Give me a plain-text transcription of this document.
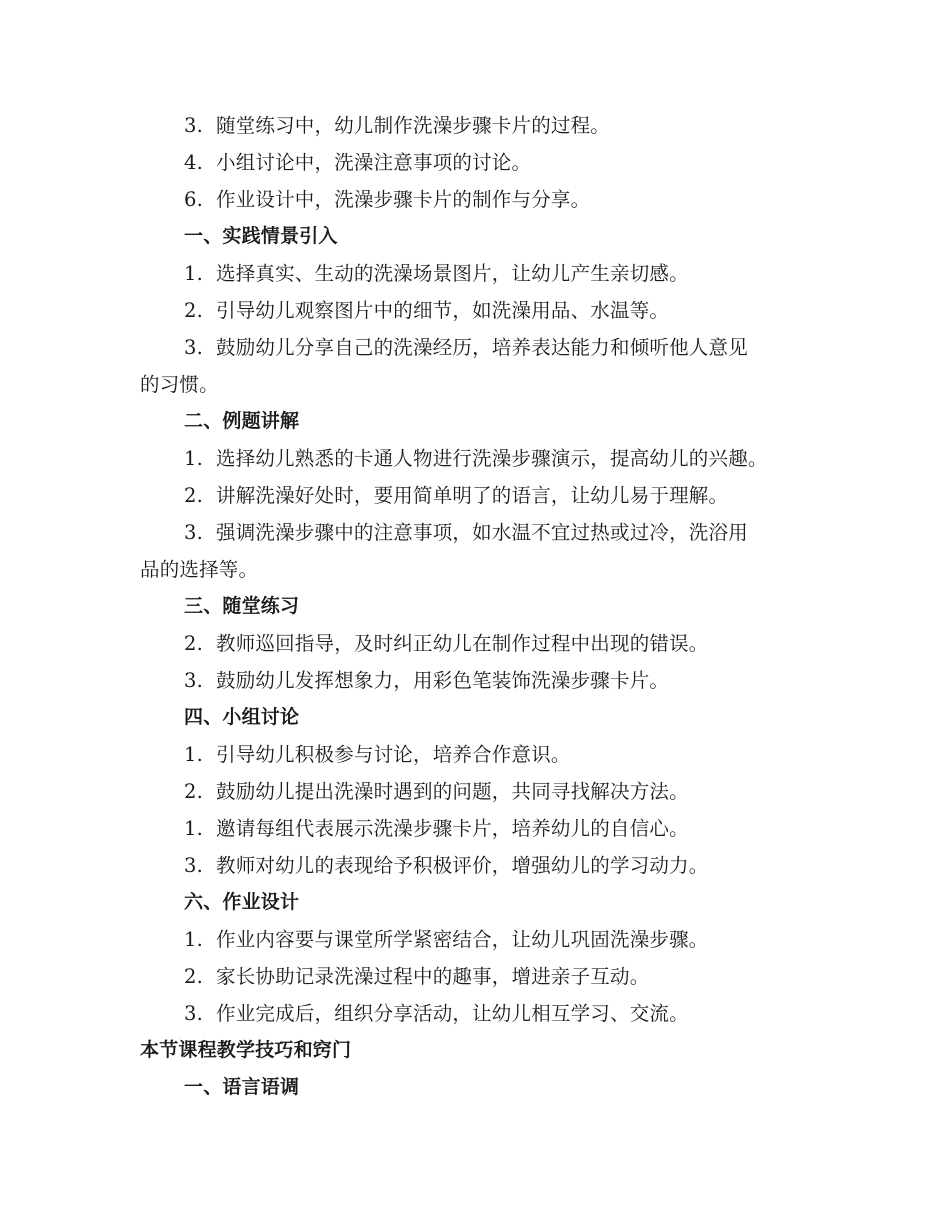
3. 随堂练习中，幼儿制作洗澡步骤卡片的过程。
4. 小组讨论中，洗澡注意事项的讨论。
6. 作业设计中，洗澡步骤卡片的制作与分享。
一、实践情景引入
1. 选择真实、生动的洗澡场景图片，让幼儿产生亲切感。
2. 引导幼儿观察图片中的细节，如洗澡用品、水温等。
3. 鼓励幼儿分享自己的洗澡经历，培养表达能力和倾听他人意见
的习惯。
二、例题讲解
1. 选择幼儿熟悉的卡通人物进行洗澡步骤演示，提高幼儿的兴趣。
2. 讲解洗澡好处时，要用简单明了的语言，让幼儿易于理解。
3. 强调洗澡步骤中的注意事项，如水温不宜过热或过冷，洗浴用
品的选择等。
三、随堂练习
2. 教师巡回指导，及时纠正幼儿在制作过程中出现的错误。
3. 鼓励幼儿发挥想象力，用彩色笔装饰洗澡步骤卡片。
四、小组讨论
1. 引导幼儿积极参与讨论，培养合作意识。
2. 鼓励幼儿提出洗澡时遇到的问题，共同寻找解决方法。
1. 邀请每组代表展示洗澡步骤卡片，培养幼儿的自信心。
3. 教师对幼儿的表现给予积极评价，增强幼儿的学习动力。
六、作业设计
1. 作业内容要与课堂所学紧密结合，让幼儿巩固洗澡步骤。
2. 家长协助记录洗澡过程中的趣事，增进亲子互动。
3. 作业完成后，组织分享活动，让幼儿相互学习、交流。
本节课程教学技巧和窍门
一、语言语调
